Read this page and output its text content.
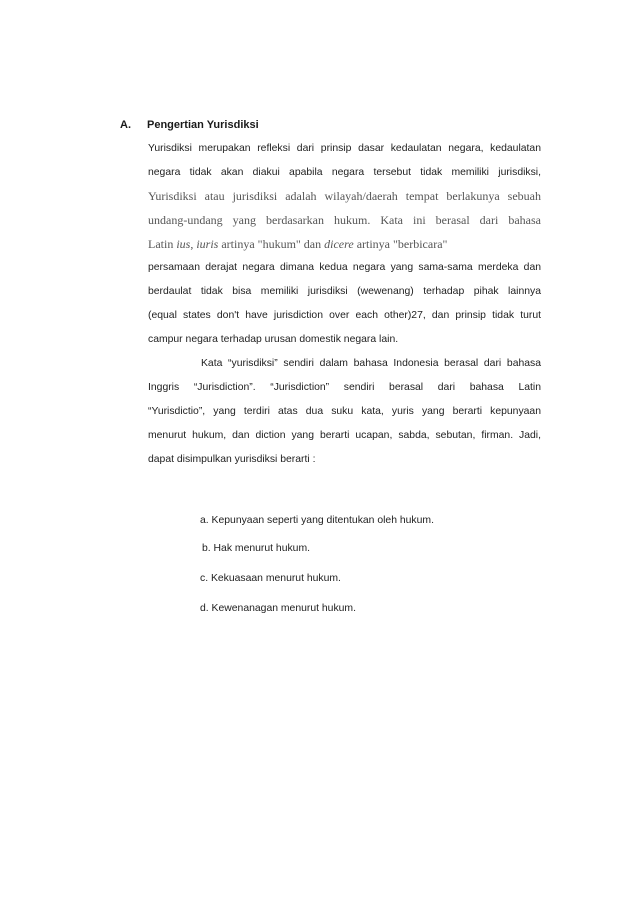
A. Pengertian Yurisdiksi
Yurisdiksi merupakan refleksi dari prinsip dasar kedaulatan negara, kedaulatan
negara tidak akan diakui apabila negara tersebut tidak memiliki jurisdiksi,
Yurisdiksi atau jurisdiksi adalah wilayah/daerah tempat berlakunya sebuah
undang-undang yang berdasarkan hukum. Kata ini berasal dari bahasa
Latin ius, iuris artinya "hukum" dan dicere artinya "berbicara"
persamaan derajat negara dimana kedua negara yang sama-sama merdeka dan
berdaulat tidak bisa memiliki jurisdiksi (wewenang) terhadap pihak lainnya
(equal states don't have jurisdiction over each other)27, dan prinsip tidak turut
campur negara terhadap urusan domestik negara lain.
Kata “yurisdiksi” sendiri dalam bahasa Indonesia berasal dari bahasa
Inggris “Jurisdiction”. “Jurisdiction” sendiri berasal dari bahasa Latin
“Yurisdictio”, yang terdiri atas dua suku kata, yuris yang berarti kepunyaan
menurut hukum, dan diction yang berarti ucapan, sabda, sebutan, firman. Jadi,
dapat disimpulkan yurisdiksi berarti :
a. Kepunyaan seperti yang ditentukan oleh hukum.
b. Hak menurut hukum.
c. Kekuasaan menurut hukum.
d. Kewenanagan menurut hukum.
